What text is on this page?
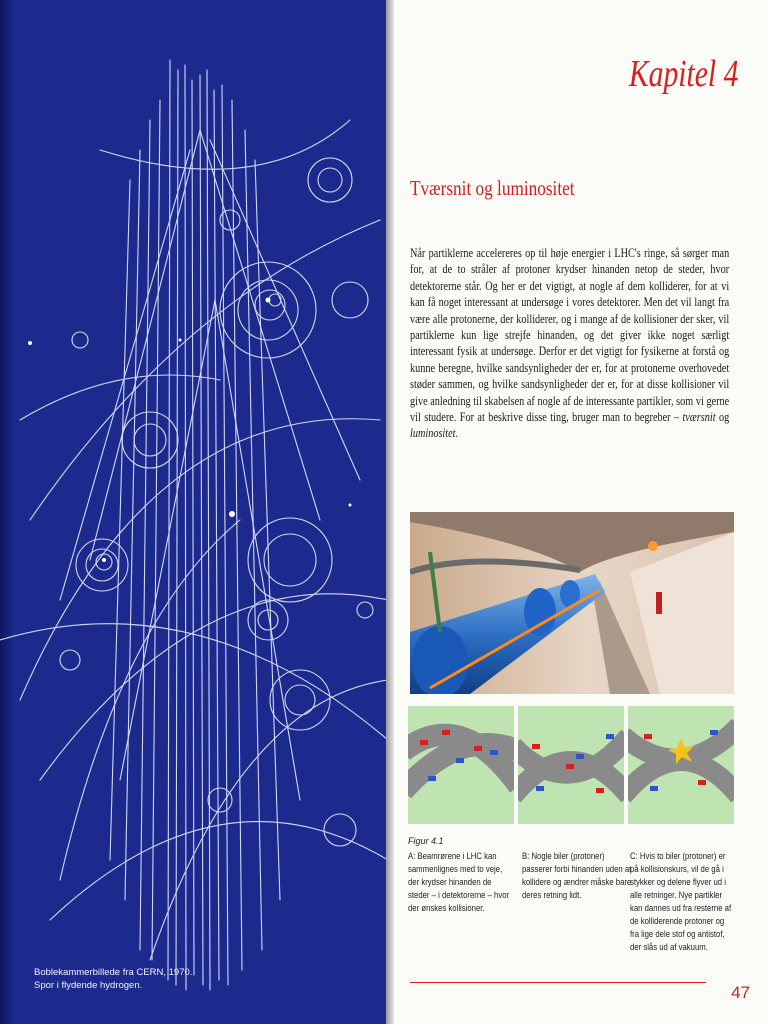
Boblekammerbillede fra CERN, 1970.
Spor i flydende hydrogen.
Kapitel 4
Tværsnit og luminositet
Når partiklerne accelereres op til høje energier i LHC's ringe, så sørger man for, at de to stråler af protoner krydser hinanden netop de steder, hvor detektorerne står. Og her er det vigtigt, at nogle af dem kolliderer, for at vi kan få noget interessant at undersøge i vores detektorer. Men det vil langt fra være alle protonerne, der kolliderer, og i mange af de kollisioner der sker, vil partiklerne kun lige strejfe hinanden, og det giver ikke noget særligt interessant fysik at undersøge. Derfor er det vigtigt for fysikerne at forstå og kunne beregne, hvilke sandsynligheder der er, for at protonerne overhovedet støder sammen, og hvilke sandsynligheder der er, for at disse kollisioner vil give anledning til skabelsen af nogle af de interessante partikler, som vi gerne vil studere. For at beskrive disse ting, bruger man to begreber – tværsnit og luminositet.
Figur 4.1
A: Beamrørene i LHC kan sammenlignes med to veje, der krydser hinanden de steder – i detektorerne – hvor der ønskes kollisioner.
B: Nogle biler (protoner) passerer forbi hinanden uden at kollidere og ændrer måske bare deres retning lidt.
C: Hvis to biler (protoner) er på kollisionskurs, vil de gå i stykker og delene flyver ud i alle retninger. Nye partikler kan dannes ud fra resterne af de kolliderende protoner og fra lige dele stof og antistof, der slås ud af vakuum.
47
